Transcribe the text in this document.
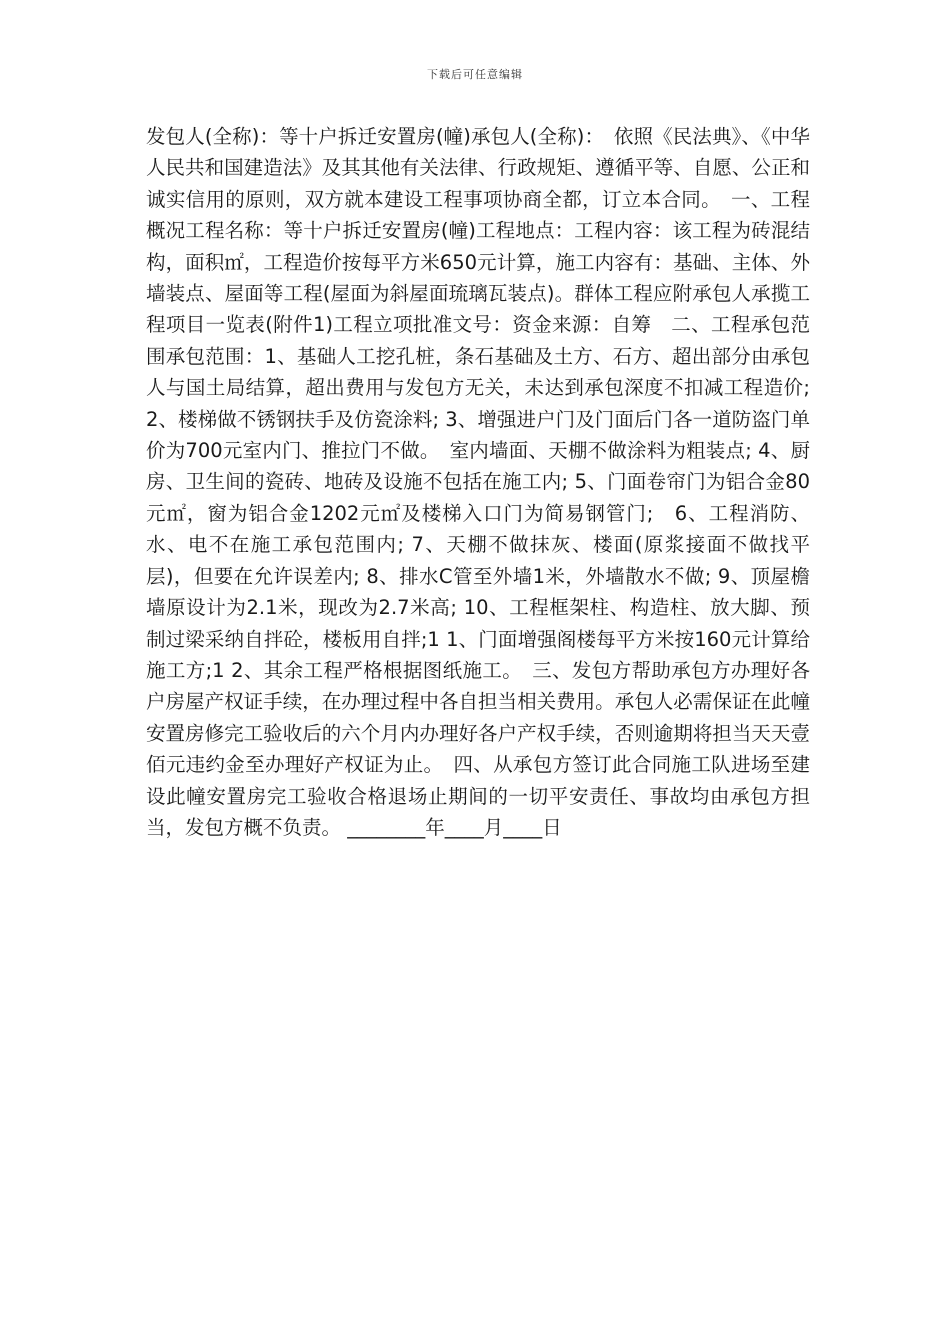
下载后可任意编辑

发包人(全称)：等十户拆迁安置房(幢)承包人(全称)：　依照《民法典》、《中华人民共和国建造法》及其其他有关法律、行政规矩、遵循平等、自愿、公正和诚实信用的原则，双方就本建设工程事项协商全都，订立本合同。　一、工程概况工程名称：等十户拆迁安置房(幢)工程地点：工程内容：该工程为砖混结构，面积㎡，工程造价按每平方米650元计算，施工内容有：基础、主体、外墙装点、屋面等工程(屋面为斜屋面琉璃瓦装点)。群体工程应附承包人承揽工程项目一览表(附件1)工程立项批准文号：资金来源：自筹　二、工程承包范围承包范围：1、基础人工挖孔桩，条石基础及土方、石方、超出部分由承包人与国土局结算，超出费用与发包方无关，未达到承包深度不扣减工程造价; 2、楼梯做不锈钢扶手及仿瓷涂料; 3、增强进户门及门面后门各一道防盗门单价为700元室内门、推拉门不做。　室内墙面、天棚不做涂料为粗装点; 4、厨房、卫生间的瓷砖、地砖及设施不包括在施工内; 5、门面卷帘门为铝合金80元㎡，窗为铝合金1202元㎡及楼梯入口门为简易钢管门;　6、工程消防、水、电不在施工承包范围内; 7、天棚不做抹灰、楼面(原浆接面不做找平层)，但要在允许误差内; 8、排水C管至外墙1米，外墙散水不做; 9、顶屋檐墙原设计为2.1米，现改为2.7米高; 10、工程框架柱、构造柱、放大脚、预制过梁采纳自拌砼，楼板用自拌;1 1、门面增强阁楼每平方米按160元计算给施工方;1 2、其余工程严格根据图纸施工。　三、发包方帮助承包方办理好各户房屋产权证手续，在办理过程中各自担当相关费用。承包人必需保证在此幢安置房修完工验收后的六个月内办理好各户产权手续，否则逾期将担当天天壹佰元违约金至办理好产权证为止。　四、从承包方签订此合同施工队进场至建设此幢安置房完工验收合格退场止期间的一切平安责任、事故均由承包方担当，发包方概不负责。 ________年____月____日
